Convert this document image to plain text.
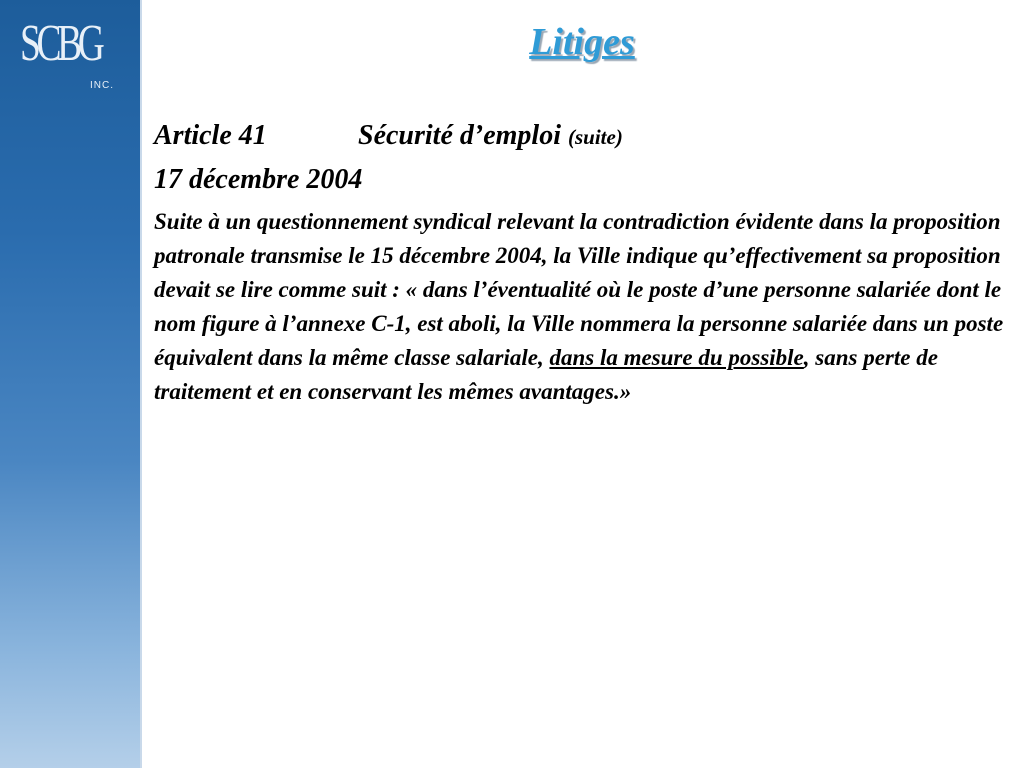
SCBG
INC.
Litiges

Article 41	Sécurité d’emploi (suite)

17 décembre 2004

Suite à un questionnement syndical relevant la contradiction évidente dans la proposition patronale transmise le 15 décembre 2004, la Ville indique qu’effectivement sa proposition devait se lire comme suit : « dans l’éventualité où le poste d’une personne salariée dont le nom figure à l’annexe C-1, est aboli, la Ville nommera la personne salariée dans un poste équivalent dans la même classe salariale, dans la mesure du possible, sans perte de traitement et en conservant les mêmes avantages.»
